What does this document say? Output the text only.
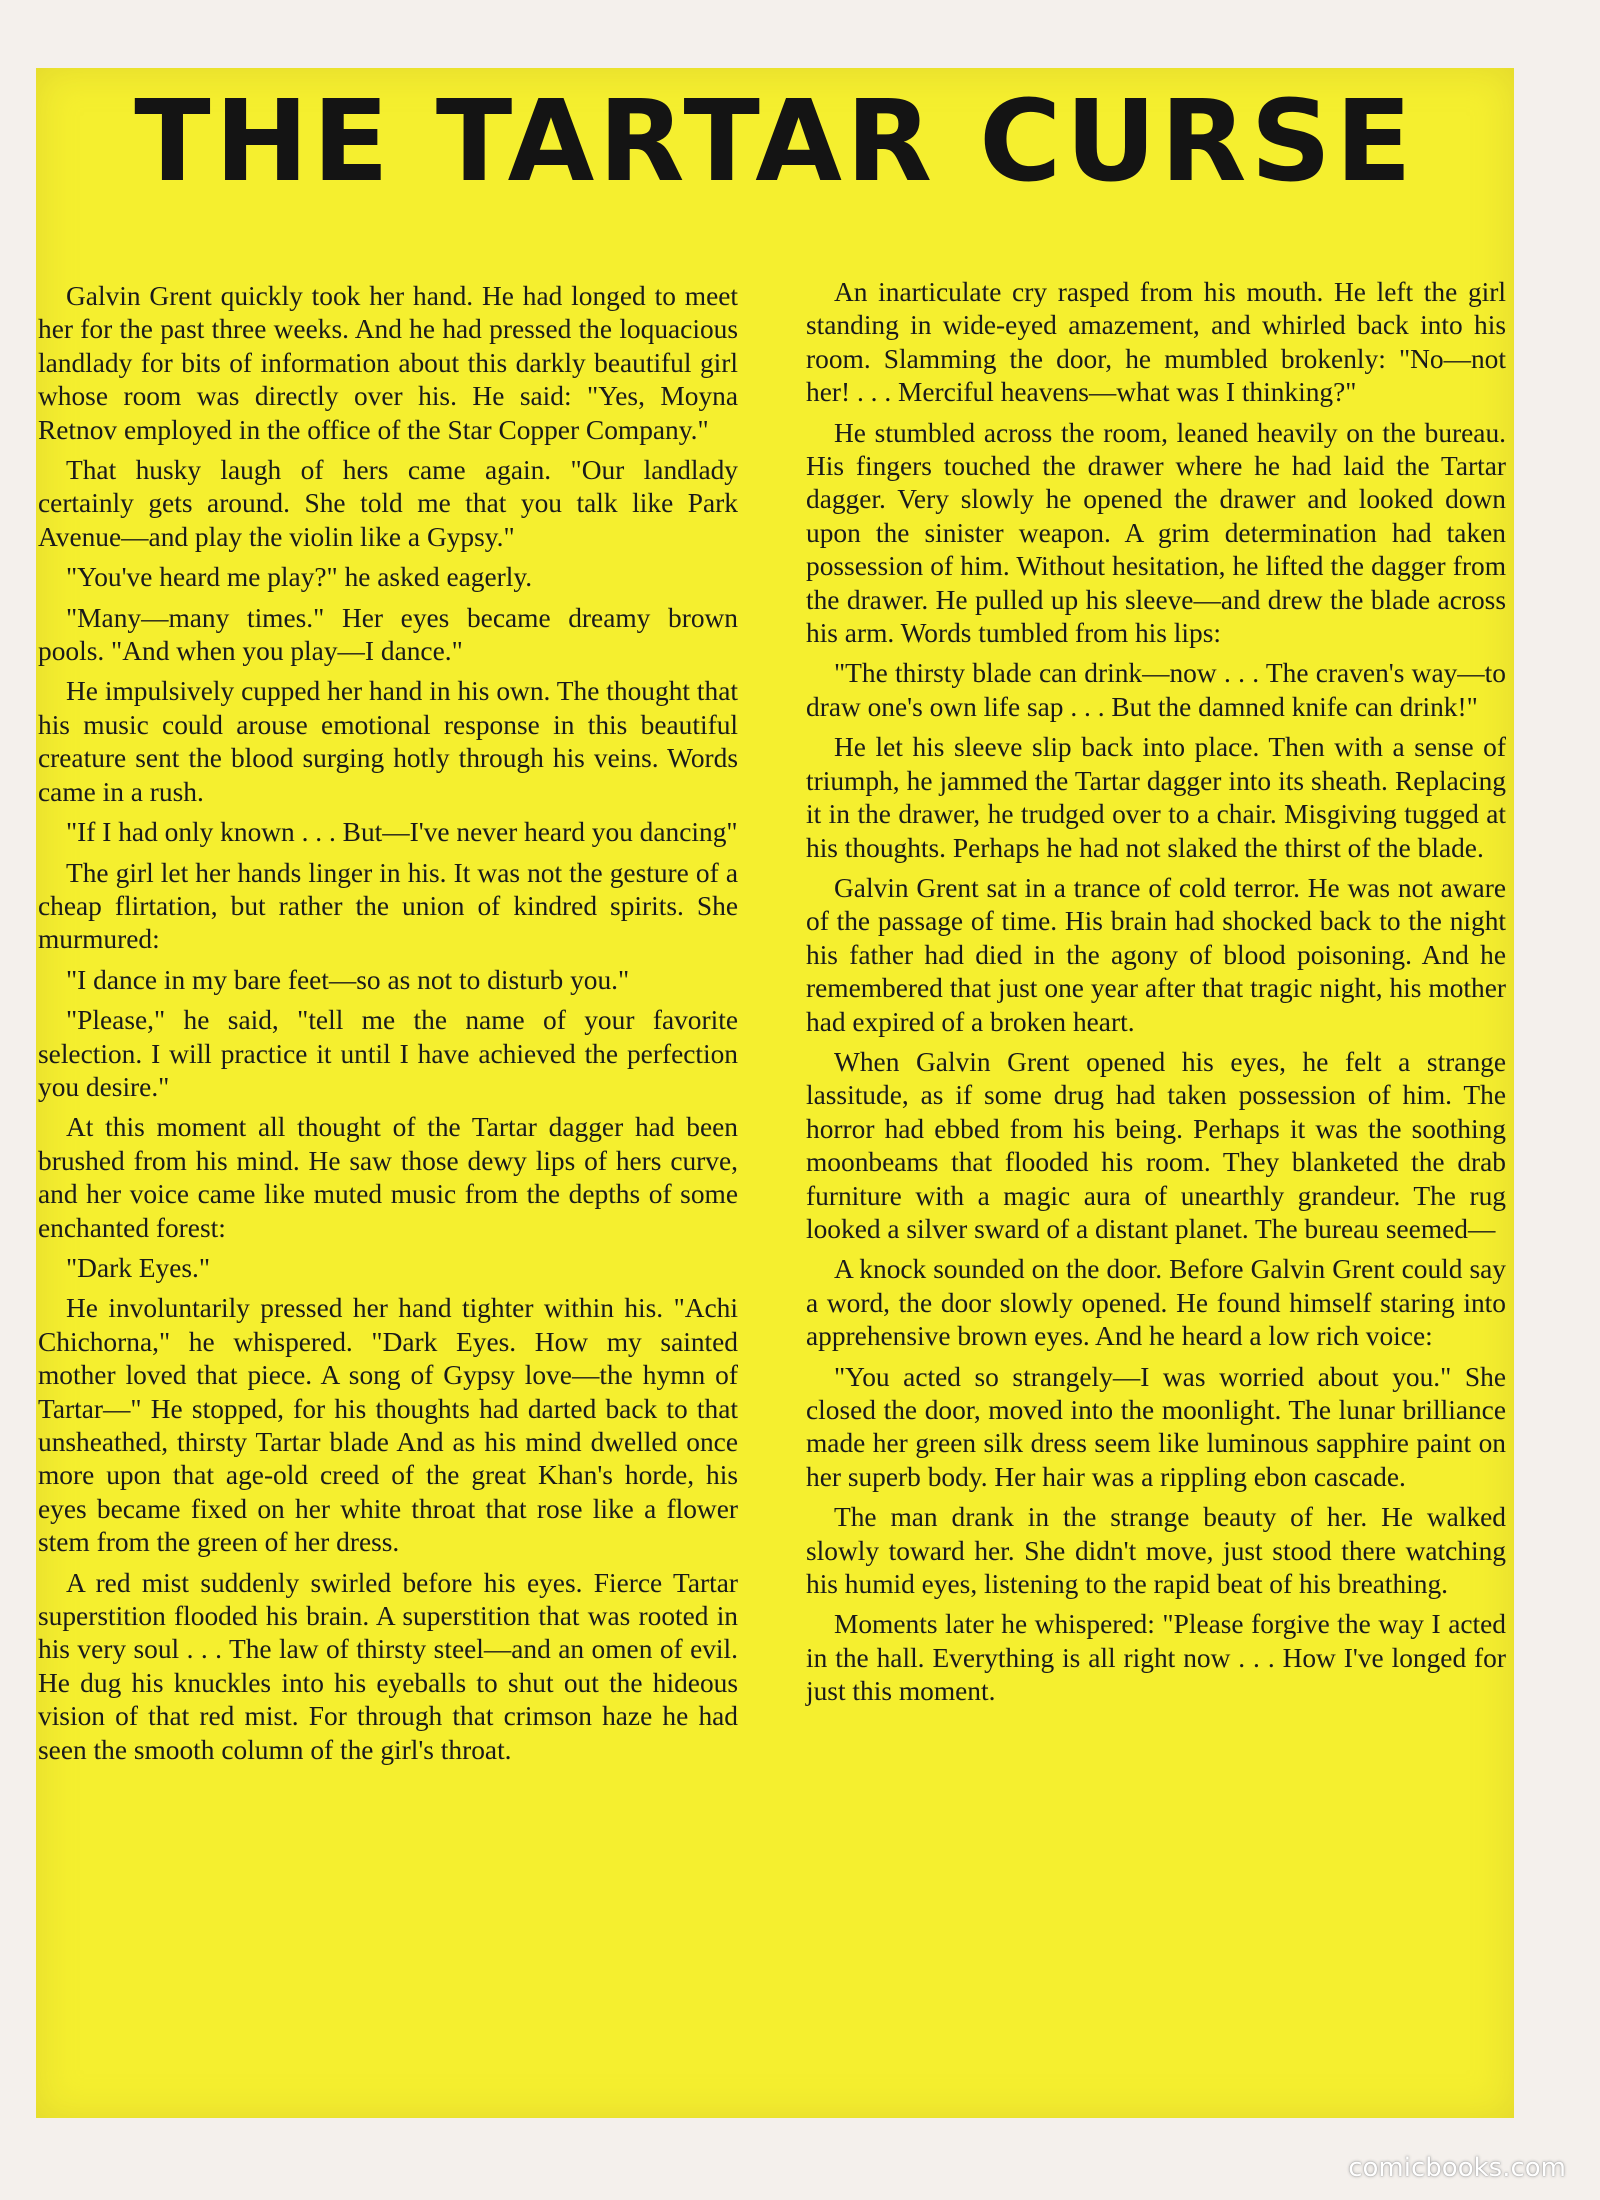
THE TARTAR CURSE

Galvin Grent quickly took her hand. He had longed to meet her for the past three weeks. And he had pressed the loquacious landlady for bits of information about this darkly beautiful girl whose room was directly over his. He said: "Yes, Moyna Retnov employed in the office of the Star Copper Company."

That husky laugh of hers came again. "Our landlady certainly gets around. She told me that you talk like Park Avenue—and play the violin like a Gypsy."

"You've heard me play?" he asked eagerly.

"Many—many times." Her eyes became dreamy brown pools. "And when you play—I dance."

He impulsively cupped her hand in his own. The thought that his music could arouse emotional response in this beautiful creature sent the blood surging hotly through his veins. Words came in a rush.

"If I had only known . . . But—I've never heard you dancing"

The girl let her hands linger in his. It was not the gesture of a cheap flirtation, but rather the union of kindred spirits. She murmured:

"I dance in my bare feet—so as not to disturb you."

"Please," he said, "tell me the name of your favorite selection. I will practice it until I have achieved the perfection you desire."

At this moment all thought of the Tartar dagger had been brushed from his mind. He saw those dewy lips of hers curve, and her voice came like muted music from the depths of some enchanted forest:

"Dark Eyes."

He involuntarily pressed her hand tighter within his. "Achi Chichorna," he whispered. "Dark Eyes. How my sainted mother loved that piece. A song of Gypsy love—the hymn of Tartar—" He stopped, for his thoughts had darted back to that unsheathed, thirsty Tartar blade And as his mind dwelled once more upon that age-old creed of the great Khan's horde, his eyes became fixed on her white throat that rose like a flower stem from the green of her dress.

A red mist suddenly swirled before his eyes. Fierce Tartar superstition flooded his brain. A superstition that was rooted in his very soul . . . The law of thirsty steel—and an omen of evil. He dug his knuckles into his eyeballs to shut out the hideous vision of that red mist. For through that crimson haze he had seen the smooth column of the girl's throat.

An inarticulate cry rasped from his mouth. He left the girl standing in wide-eyed amazement, and whirled back into his room. Slamming the door, he mumbled brokenly: "No—not her! . . . Merciful heavens—what was I thinking?"

He stumbled across the room, leaned heavily on the bureau. His fingers touched the drawer where he had laid the Tartar dagger. Very slowly he opened the drawer and looked down upon the sinister weapon. A grim determination had taken possession of him. Without hesitation, he lifted the dagger from the drawer. He pulled up his sleeve—and drew the blade across his arm. Words tumbled from his lips:

"The thirsty blade can drink—now . . . The craven's way—to draw one's own life sap . . . But the damned knife can drink!"

He let his sleeve slip back into place. Then with a sense of triumph, he jammed the Tartar dagger into its sheath. Replacing it in the drawer, he trudged over to a chair. Misgiving tugged at his thoughts. Perhaps he had not slaked the thirst of the blade.

Galvin Grent sat in a trance of cold terror. He was not aware of the passage of time. His brain had shocked back to the night his father had died in the agony of blood poisoning. And he remembered that just one year after that tragic night, his mother had expired of a broken heart.

When Galvin Grent opened his eyes, he felt a strange lassitude, as if some drug had taken possession of him. The horror had ebbed from his being. Perhaps it was the soothing moonbeams that flooded his room. They blanketed the drab furniture with a magic aura of unearthly grandeur. The rug looked a silver sward of a distant planet. The bureau seemed—

A knock sounded on the door. Before Galvin Grent could say a word, the door slowly opened. He found himself staring into apprehensive brown eyes. And he heard a low rich voice:

"You acted so strangely—I was worried about you." She closed the door, moved into the moonlight. The lunar brilliance made her green silk dress seem like luminous sapphire paint on her superb body. Her hair was a rippling ebon cascade.

The man drank in the strange beauty of her. He walked slowly toward her. She didn't move, just stood there watching his humid eyes, listening to the rapid beat of his breathing.

Moments later he whispered: "Please forgive the way I acted in the hall. Everything is all right now . . . How I've longed for just this moment.

comicbooks.com
